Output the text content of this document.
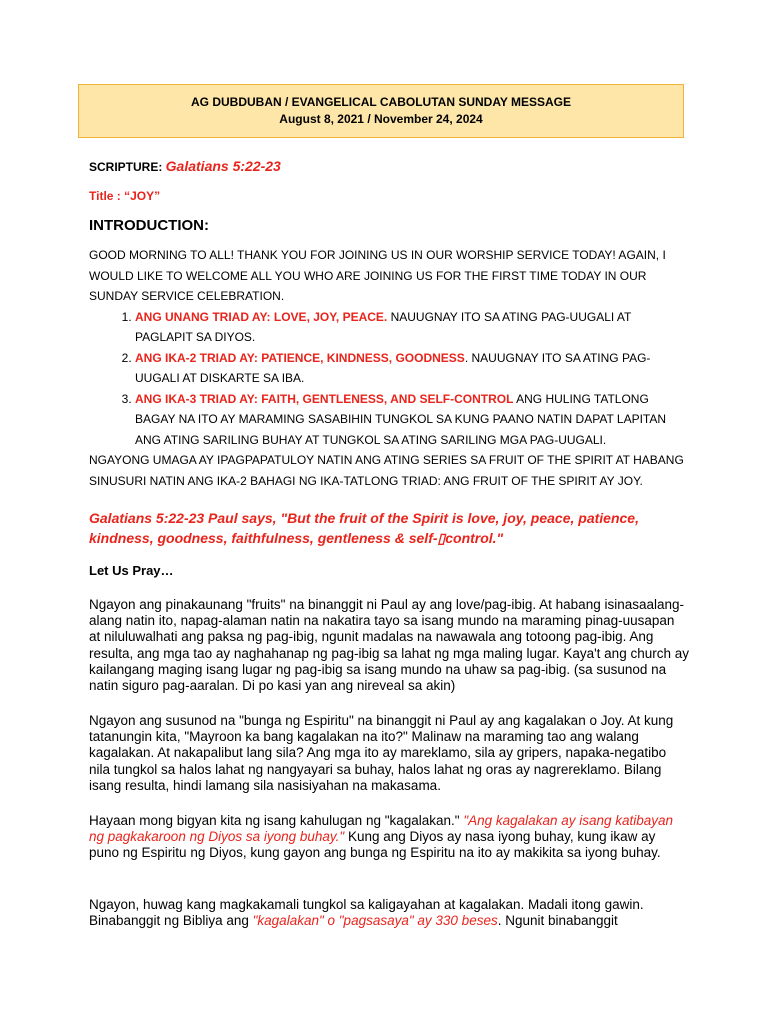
AG DUBDUBAN / EVANGELICAL CABOLUTAN SUNDAY MESSAGE
August 8, 2021 / November 24, 2024
SCRIPTURE: Galatians 5:22-23
Title : “JOY”
INTRODUCTION:

GOOD MORNING TO ALL! THANK YOU FOR JOINING US IN OUR WORSHIP SERVICE TODAY! AGAIN, I WOULD LIKE TO WELCOME ALL YOU WHO ARE JOINING US FOR THE FIRST TIME TODAY IN OUR SUNDAY SERVICE CELEBRATION.

1. ANG UNANG TRIAD AY: LOVE, JOY, PEACE. NAUUGNAY ITO SA ATING PAG-UUGALI AT PAGLAPIT SA DIYOS.
2. ANG IKA-2 TRIAD AY: PATIENCE, KINDNESS, GOODNESS. NAUUGNAY ITO SA ATING PAG-UUGALI AT DISKARTE SA IBA.
3. ANG IKA-3 TRIAD AY: FAITH, GENTLENESS, AND SELF-CONTROL ANG HULING TATLONG BAGAY NA ITO AY MARAMING SASABIHIN TUNGKOL SA KUNG PAANO NATIN DAPAT LAPITAN ANG ATING SARILING BUHAY AT TUNGKOL SA ATING SARILING MGA PAG-UUGALI.

NGAYONG UMAGA AY IPAGPAPATULOY NATIN ANG ATING SERIES SA FRUIT OF THE SPIRIT AT HABANG SINUSURI NATIN ANG IKA-2 BAHAGI NG IKA-TATLONG TRIAD: ANG FRUIT OF THE SPIRIT AY JOY.

Galatians 5:22-23 Paul says, "But the fruit of the Spirit is love, joy, peace, patience, kindness, goodness, faithfulness, gentleness & self-▯control."
Let Us Pray…
Ngayon ang pinakaunang "fruits" na binanggit ni Paul ay ang love/pag-ibig. At habang isinasaalang-alang natin ito, napag-alaman natin na nakatira tayo sa isang mundo na maraming pinag-uusapan at niluluwalhati ang paksa ng pag-ibig, ngunit madalas na nawawala ang totoong pag-ibig. Ang resulta, ang mga tao ay naghahanap ng pag-ibig sa lahat ng mga maling lugar. Kaya't ang church ay kailangang maging isang lugar ng pag-ibig sa isang mundo na uhaw sa pag-ibig. (sa susunod na natin siguro pag-aaralan. Di po kasi yan ang nireveal sa akin)
Ngayon ang susunod na "bunga ng Espiritu" na binanggit ni Paul ay ang kagalakan o Joy. At kung tatanungin kita, "Mayroon ka bang kagalakan na ito?" Malinaw na maraming tao ang walang kagalakan. At nakapalibut lang sila? Ang mga ito ay mareklamo, sila ay gripers, napaka-negatibo nila tungkol sa halos lahat ng nangyayari sa buhay, halos lahat ng oras ay nagrereklamo. Bilang isang resulta, hindi lamang sila nasisiyahan na makasama.
Hayaan mong bigyan kita ng isang kahulugan ng "kagalakan." "Ang kagalakan ay isang katibayan ng pagkakaroon ng Diyos sa iyong buhay." Kung ang Diyos ay nasa iyong buhay, kung ikaw ay puno ng Espiritu ng Diyos, kung gayon ang bunga ng Espiritu na ito ay makikita sa iyong buhay.
Ngayon, huwag kang magkakamali tungkol sa kaligayahan at kagalakan. Madali itong gawin. Binabanggit ng Bibliya ang "kagalakan" o "pagsasaya" ay 330 beses. Ngunit binabanggit
